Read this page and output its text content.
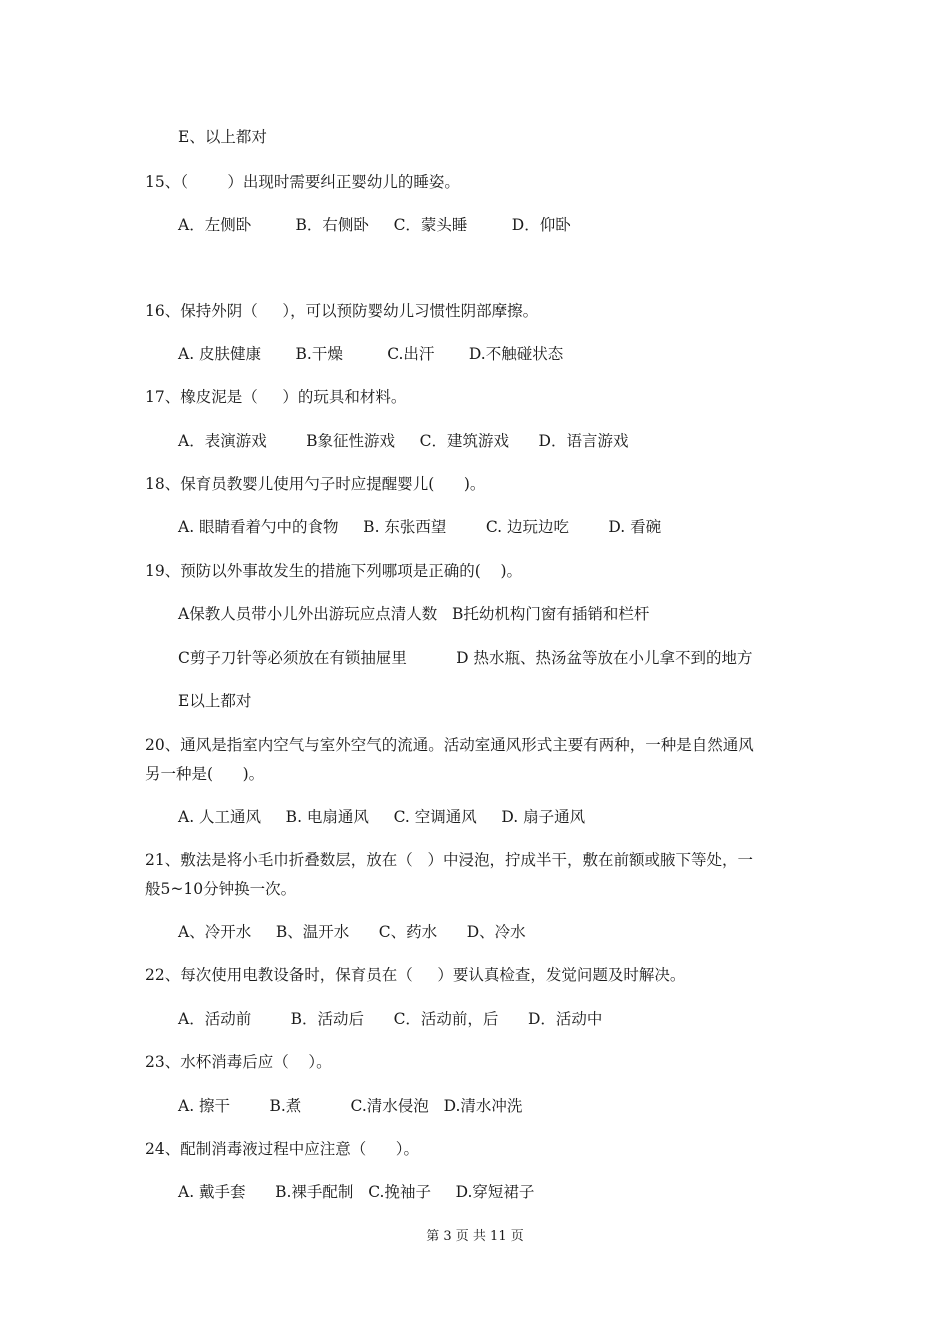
E、以上都对
15、（        ）出现时需要纠正婴幼儿的睡姿。
A．左侧卧         B．右侧卧     C．蒙头睡         D．仰卧
16、保持外阴（     ），可以预防婴幼儿习惯性阴部摩擦。
A. 皮肤健康       B.干燥         C.出汗       D.不触碰状态
17、橡皮泥是（     ）的玩具和材料。
A．表演游戏        B象征性游戏     C．建筑游戏      D．语言游戏
18、保育员教婴儿使用勺子时应提醒婴儿(      )。
A. 眼睛看着勺中的食物     B. 东张西望        C. 边玩边吃        D. 看碗
19、预防以外事故发生的措施下列哪项是正确的(    )。
A保教人员带小儿外出游玩应点清人数   B托幼机构门窗有插销和栏杆
C剪子刀针等必须放在有锁抽屉里          D 热水瓶、热汤盆等放在小儿拿不到的地方
E以上都对
20、通风是指室内空气与室外空气的流通。活动室通风形式主要有两种，一种是自然通风
另一种是(      )。
A. 人工通风     B. 电扇通风     C. 空调通风     D. 扇子通风
21、敷法是将小毛巾折叠数层，放在（   ）中浸泡，拧成半干，敷在前额或腋下等处，一
般5~10分钟换一次。
A、冷开水     B、温开水      C、药水      D、冷水
22、每次使用电教设备时，保育员在（     ）要认真检查，发觉问题及时解决。
A．活动前        B．活动后      C．活动前，后      D．活动中
23、水杯消毒后应（    ）。
A. 擦干        B.煮          C.清水侵泡   D.清水冲洗
24、配制消毒液过程中应注意（      ）。
A. 戴手套      B.裸手配制   C.挽袖子     D.穿短裙子
第 3 页 共 11 页
